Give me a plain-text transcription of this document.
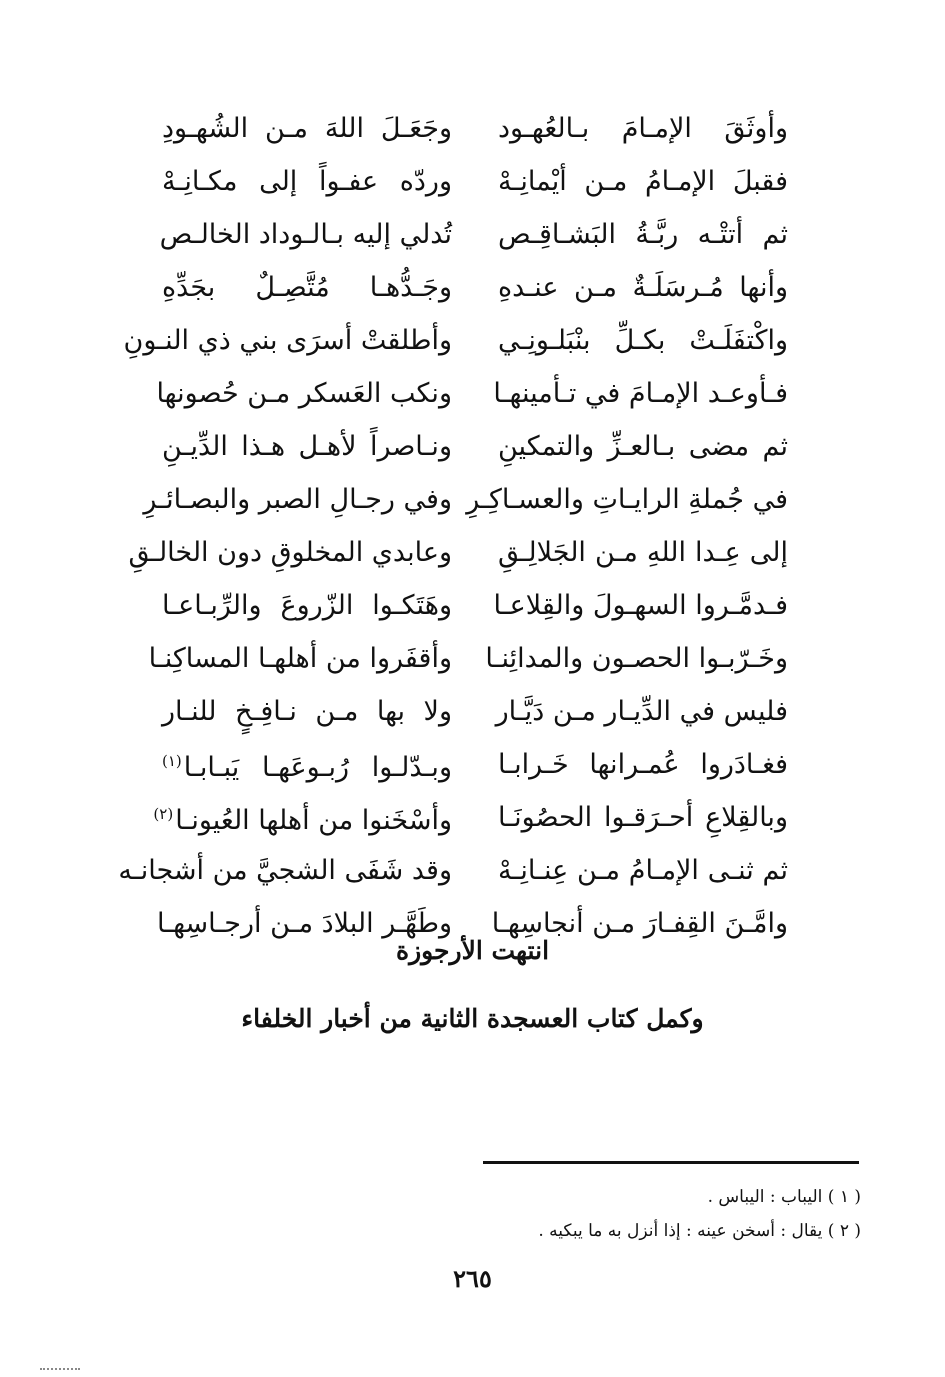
وأوثَقَ الإمـامَ بـالعُهـود
وجَعَـلَ اللهَ مـن الشُهـودِ
فقبلَ الإمـامُ مـن أيْمانِـهْ
وردّه عفـواً إلى مكـانِـهْ
ثم أتتْـه ربَّـةُ البَشـاقِـص
تُدلي إليه بـالـوداد الخالـص
وأنها مُـرسَلَـةٌ مـن عنـدهِ
وجَـدُّهـا مُتَّصِـلٌ بجَدِّهِ
واكْتفَلَـتْ بكـلِّ بنْبَلـونِـي
وأطلقتْ أسرَى بني ذي النـونِ
فـأوعـد الإمـامَ في تـأمينهـا
ونكب العَسكر مـن حُصونها
ثم مضى بـالعـزِّ والتمكينِ
ونـاصراً لأهـل هـذا الدِّيـنِ
في جُملةِ الرايـاتِ والعسـاكِـرِ
وفي رجـالِ الصبر والبصـائـرِ
إلى عِـدا اللهِ مـن الجَلالِـقِ
وعابدي المخلوقِ دون الخالـقِ
فـدمَّـروا السهـولَ والقِلاعـا
وهَتَكـوا الزّروعَ والرِّبـاعـا
وخَـرّبـوا الحصـون والمدائِنـا
وأقفَروا من أهلهـا المساكِنـا
فليس في الدِّيـار مـن دَيَّـار
ولا بها مـن نـافِـخٍ للنـار
فغـادَروا عُمـرانها خَـرابـا
وبـدّلـوا رُبـوعَهـا يَبـابـا$^{(١)}$
وبالقِلاعِ أحـرَقـوا الحصُونَـا
وأسْخَنوا من أهلها العُيونـا$^{(٢)}$
ثم ثنـى الإمـامُ مـن عِنـانِـهْ
وقد شَفَى الشجيَّ من أشجانـه
وامَّـنَ القِفـارَ مـن أنجاسِهـا
وطَهَّـر البلادَ مـن أرجـاسِهـا
انتهت الأرجوزة
وكمل كتاب العسجدة الثانية من أخبار الخلفاء
( ١ ) اليباب : اليباس .
( ٢ ) يقال : أسخن عينه : إذا أنزل به ما يبكيه .
٢٦٥
